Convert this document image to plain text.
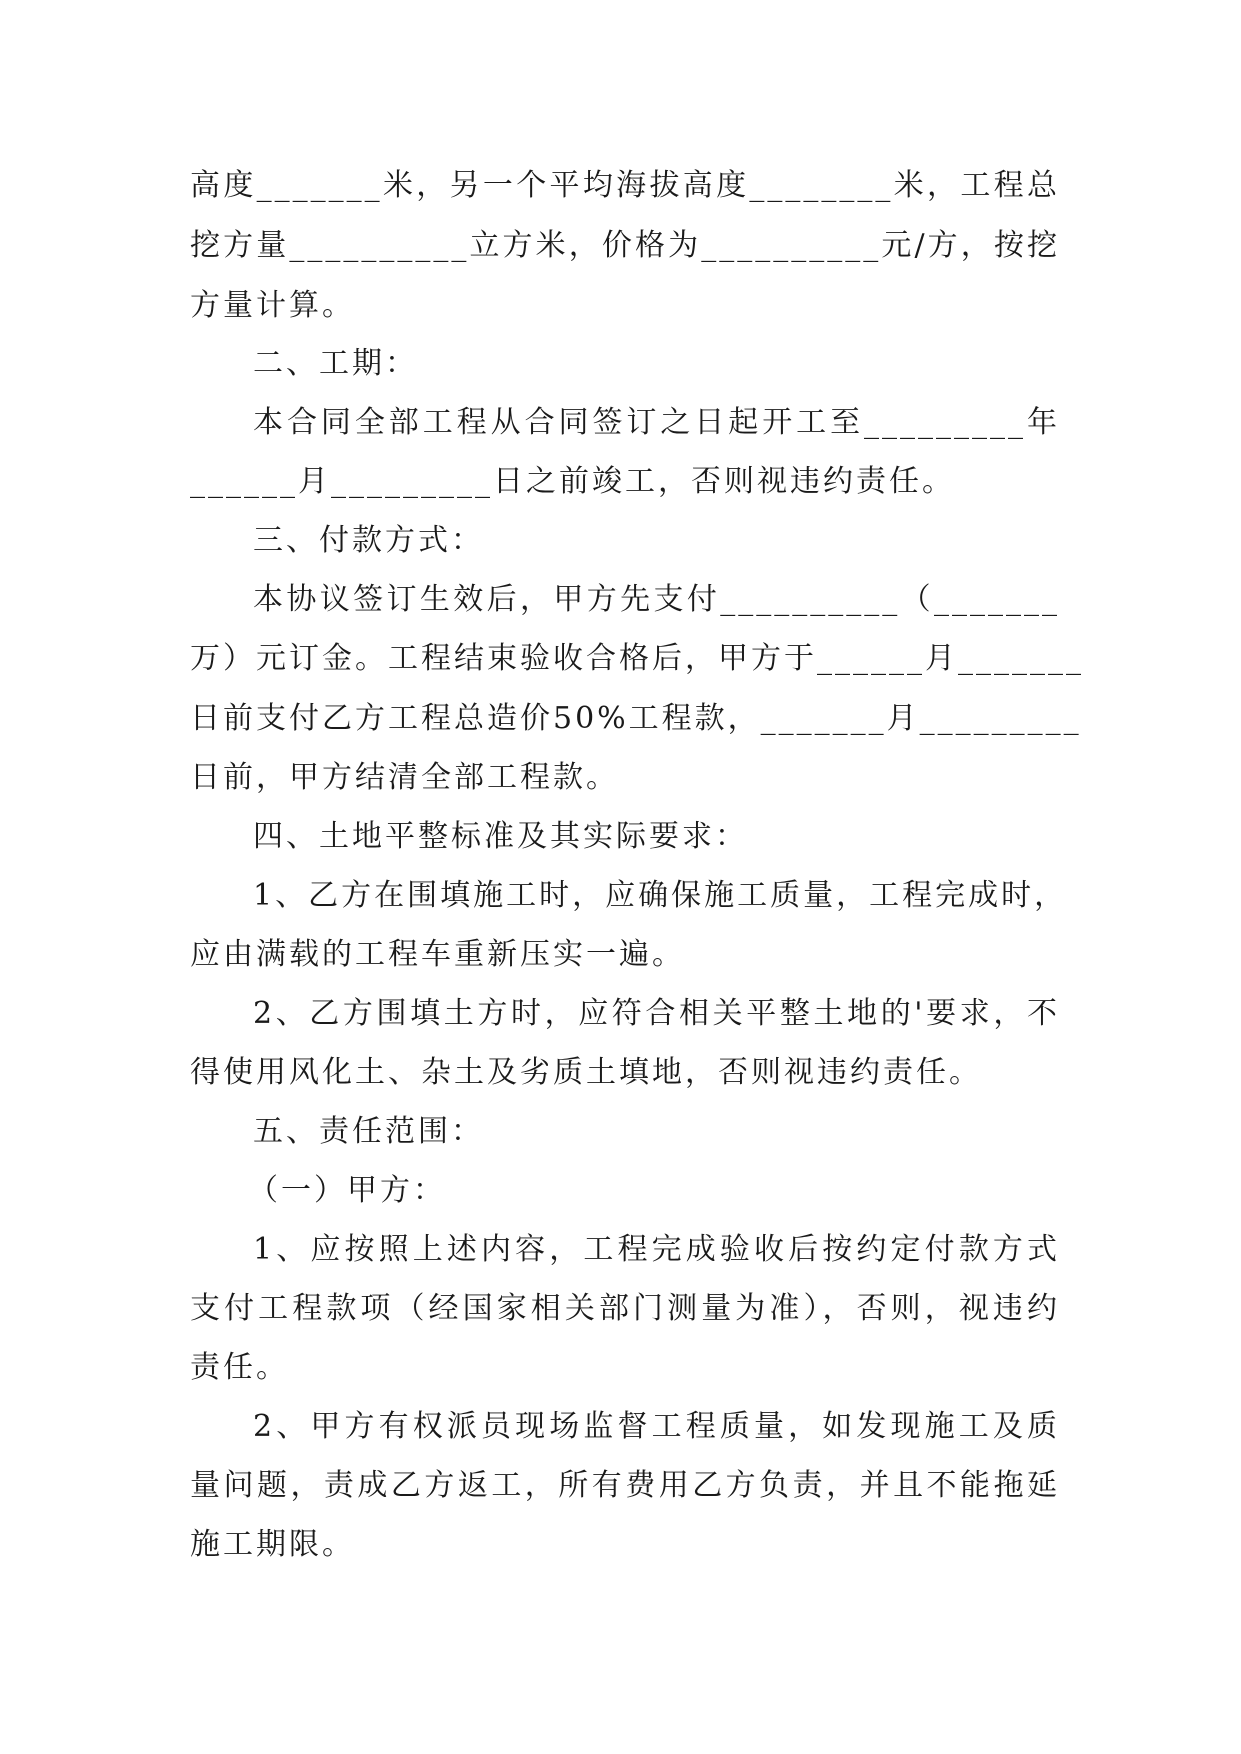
高度_______米，另一个平均海拔高度________米，工程总
挖方量__________立方米，价格为__________元/方，按挖
方量计算。
二、工期：
本合同全部工程从合同签订之日起开工至_________年
______月_________日之前竣工，否则视违约责任。
三、付款方式：
本协议签订生效后，甲方先支付__________（_______
万）元订金。工程结束验收合格后，甲方于______月_______
日前支付乙方工程总造价50%工程款，_______月_________
日前，甲方结清全部工程款。
四、土地平整标准及其实际要求：
1、乙方在围填施工时，应确保施工质量，工程完成时，
应由满载的工程车重新压实一遍。
2、乙方围填土方时，应符合相关平整土地的'要求，不
得使用风化土、杂土及劣质土填地，否则视违约责任。
五、责任范围：
（一）甲方：
1、应按照上述内容，工程完成验收后按约定付款方式
支付工程款项（经国家相关部门测量为准），否则，视违约
责任。
2、甲方有权派员现场监督工程质量，如发现施工及质
量问题，责成乙方返工，所有费用乙方负责，并且不能拖延
施工期限。
